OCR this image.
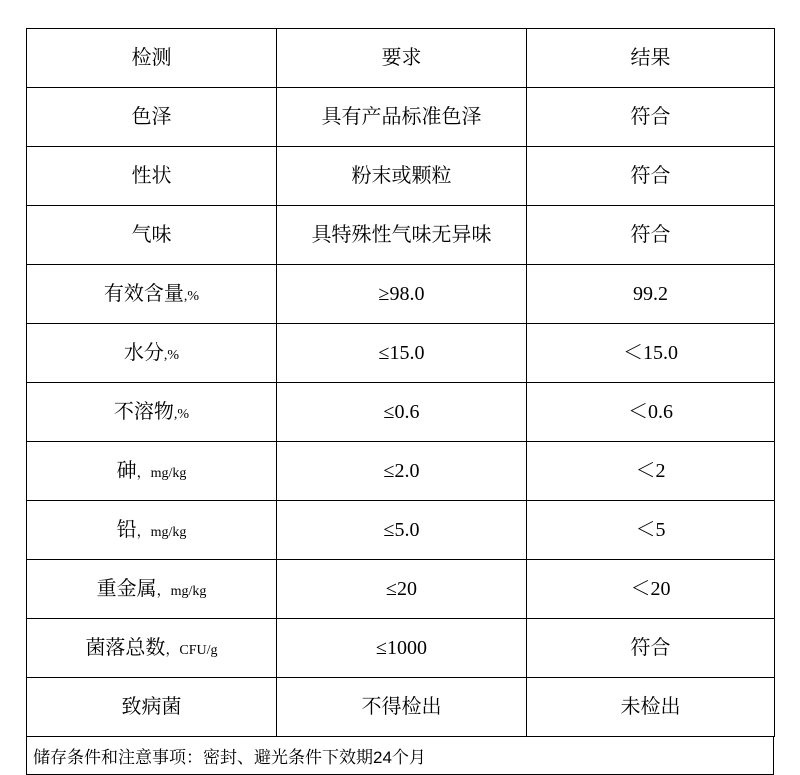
检测	要求	结果
色泽	具有产品标准色泽	符合
性状	粉末或颗粒	符合
气味	具特殊性气味无异味	符合
有效含量,%	≥98.0	99.2
水分,%	≤15.0	＜15.0
不溶物,%	≤0.6	＜0.6
砷，mg/kg	≤2.0	＜2
铅，mg/kg	≤5.0	＜5
重金属，mg/kg	≤20	＜20
菌落总数，CFU/g	≤1000	符合
致病菌	不得检出	未检出
储存条件和注意事项：密封、避光条件下效期24个月
